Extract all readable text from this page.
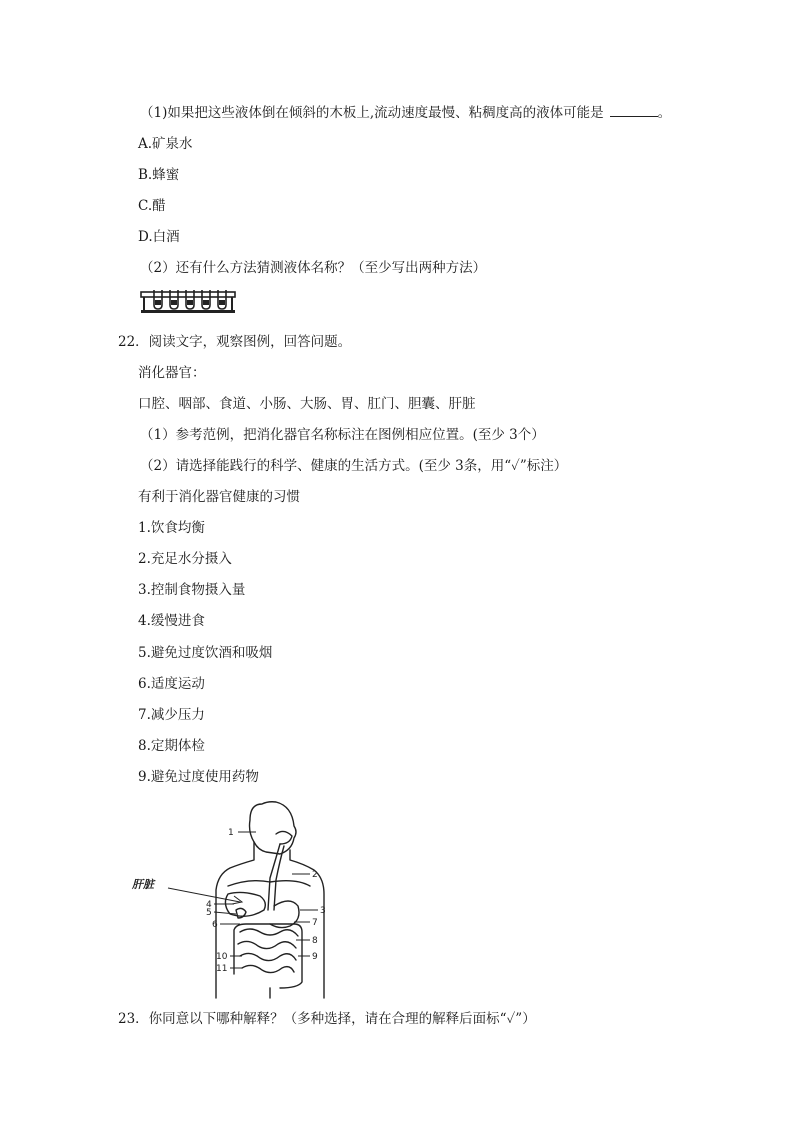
（1)如果把这些液体倒在倾斜的木板上,流动速度最慢、粘稠度高的液体可能是	。
A.矿泉水
B.蜂蜜
C.醋
D.白酒
（2）还有什么方法猜测液体名称？（至少写出两种方法）
22．阅读文字，观察图例，回答问题。
消化器官：
口腔、咽部、食道、小肠、大肠、胃、肛门、胆囊、肝脏
（1）参考范例，把消化器官名称标注在图例相应位置。(至少 3个）
（2）请选择能践行的科学、健康的生活方式。(至少 3条，用“✓”标注）
有利于消化器官健康的习惯
1.饮食均衡
2.充足水分摄入
3.控制食物摄入量
4.缓慢进食
5.避免过度饮酒和吸烟
6.适度运动
7.减少压力
8.定期体检
9.避免过度使用药物
1
2
3
4
5
6	7
8
9
10
11
肝脏
23．你同意以下哪种解释？（多种选择，请在合理的解释后面标“✓”）
